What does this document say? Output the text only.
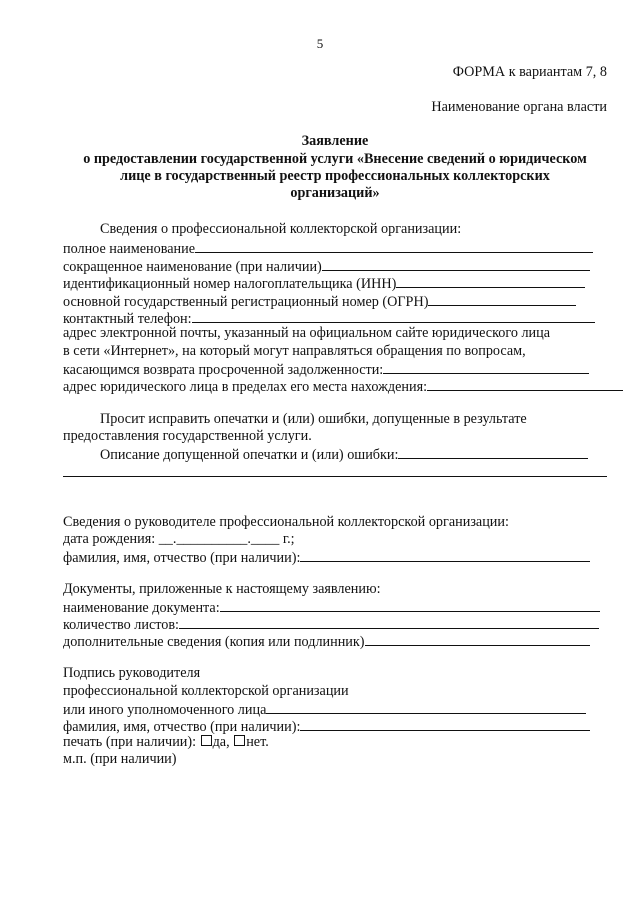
5
ФОРМА к вариантам 7, 8
Наименование органа власти
Заявление
о предоставлении государственной услуги «Внесение сведений о юридическом
лице в государственный реестр профессиональных коллекторских
организаций»
Сведения о профессиональной коллекторской организации:
полное наименование
сокращенное наименование (при наличии)
идентификационный номер налогоплательщика (ИНН)
основной государственный регистрационный номер (ОГРН)
контактный телефон:
адрес электронной почты, указанный на официальном сайте юридического лица
в сети «Интернет», на который могут направляться обращения по вопросам,
касающимся возврата просроченной задолженности:
адрес юридического лица в пределах его места нахождения:
Просит исправить опечатки и (или) ошибки, допущенные в результате
предоставления государственной услуги.
Описание допущенной опечатки и (или) ошибки:
Сведения о руководителе профессиональной коллекторской организации:
дата рождения: __.__________.____ г.;
фамилия, имя, отчество (при наличии):
Документы, приложенные к настоящему заявлению:
наименование документа:
количество листов:
дополнительные сведения (копия или подлинник)
Подпись руководителя
профессиональной коллекторской организации
или иного уполномоченного лица
фамилия, имя, отчество (при наличии):
печать (при наличии): да, нет.
м.п. (при наличии)
